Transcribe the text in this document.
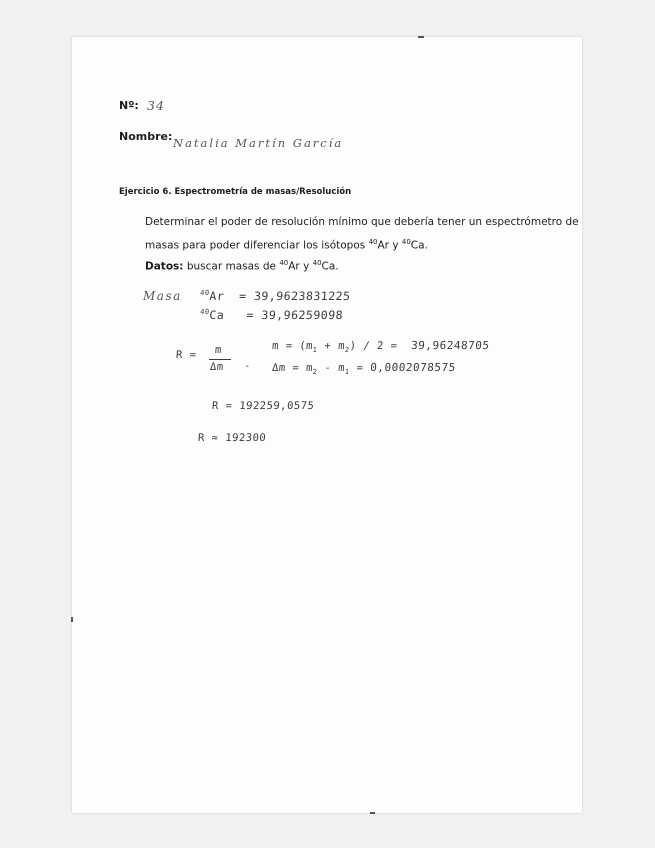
Nº: 34
Nombre: Natalia Martín García
Ejercicio 6. Espectrometría de masas/Resolución
Determinar el poder de resolución mínimo que debería tener un espectrómetro de
masas para poder diferenciar los isótopos $^{40}$Ar y $^{40}$Ca.
Datos: buscar masas de $^{40}$Ar y $^{40}$Ca.
Masa	$^{40}$Ar = 39,9623831225
$^{40}$Ca = 39,96259098
R = m
Δm -
$m = (m_1 + m_2) / 2 = 39,96248705$
$\Delta m = m_2 - m_1 = 0,0002078575$
R = 192259,0575
R ≈ 192300
